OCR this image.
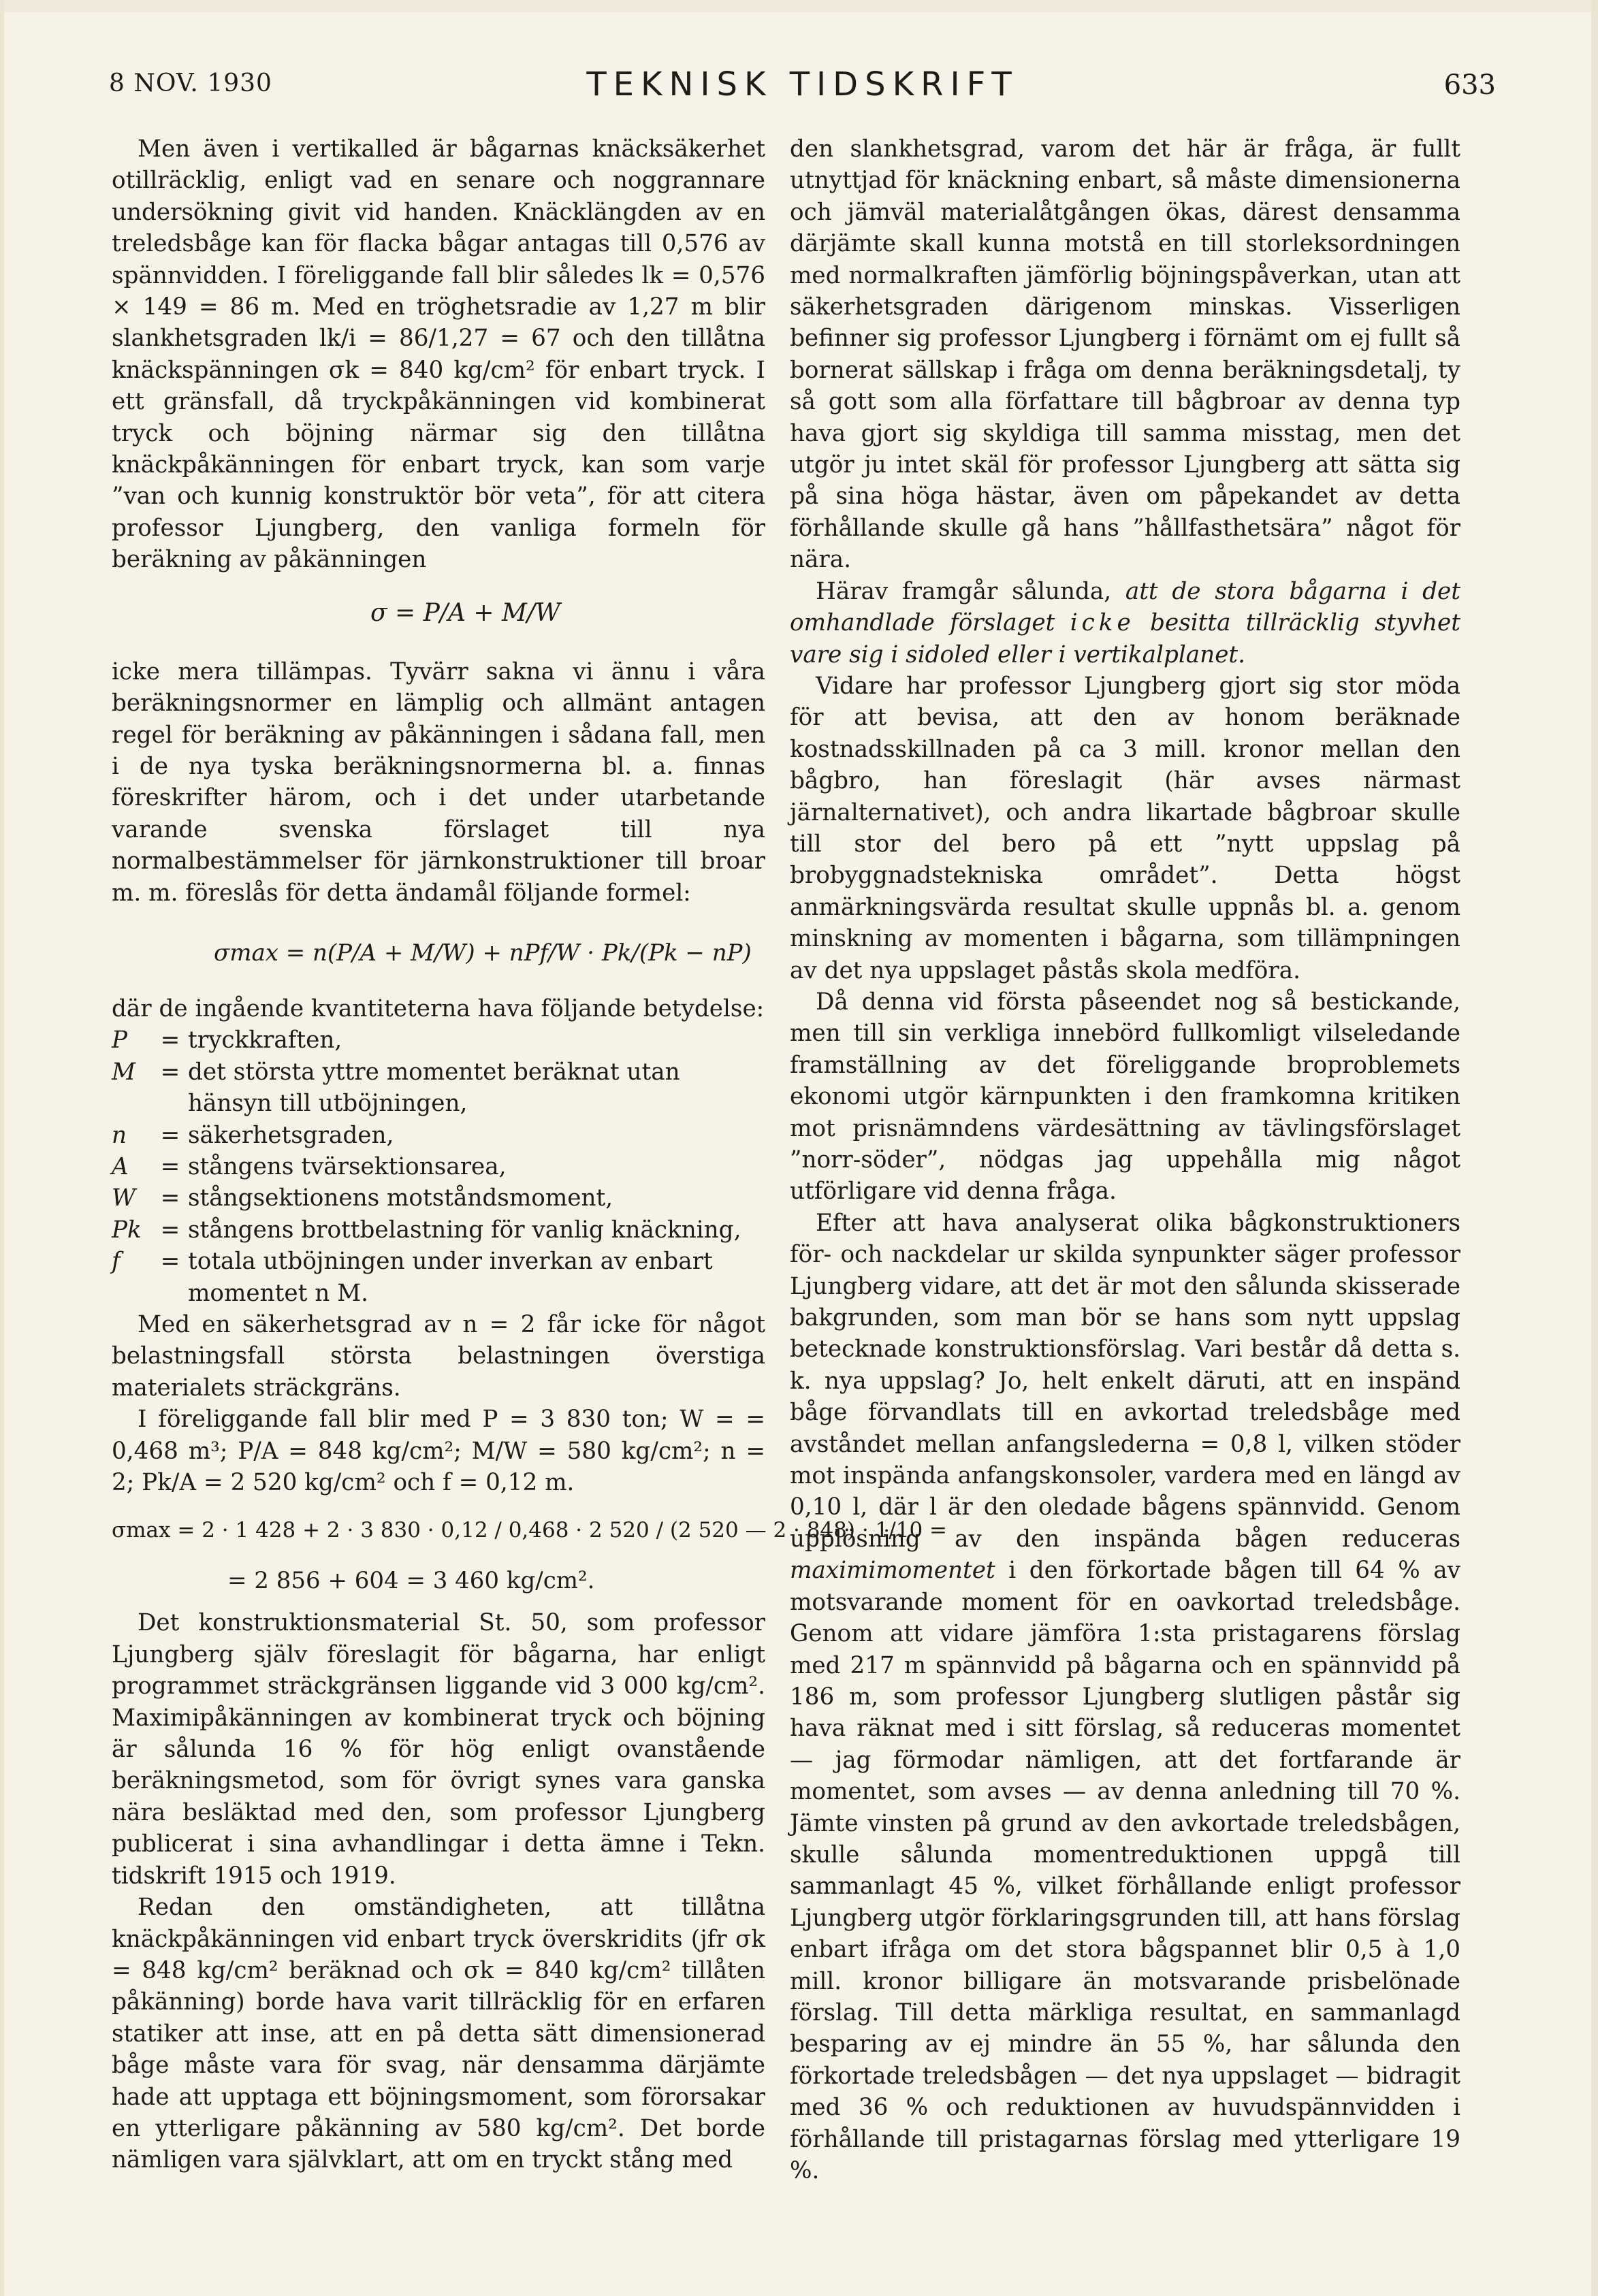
8 NOV. 1930	TEKNISK TIDSKRIFT	633

Men även i vertikalled är bågarnas knäcksäkerhet otillräcklig, enligt vad en senare och noggrannare undersökning givit vid handen. Knäcklängden av en treledsbåge kan för flacka bågar antagas till 0,576 av spännvidden. I föreliggande fall blir således lk = 0,576 × 149 = 86 m. Med en tröghetsradie av 1,27 m blir slankhetsgraden lk/i = 86/1,27 = 67 och den tillåtna knäckspänningen σk = 840 kg/cm² för enbart tryck. I ett gränsfall, då tryckpåkänningen vid kombinerat tryck och böjning närmar sig den tillåtna knäckpåkänningen för enbart tryck, kan som varje ”van och kunnig konstruktör bör veta”, för att citera professor Ljungberg, den vanliga formeln för beräkning av påkänningen

σ = P/A + M/W

icke mera tillämpas. Tyvärr sakna vi ännu i våra beräkningsnormer en lämplig och allmänt antagen regel för beräkning av påkänningen i sådana fall, men i de nya tyska beräkningsnormerna bl. a. finnas föreskrifter härom, och i det under utarbetande varande svenska förslaget till nya normalbestämmelser för järnkonstruktioner till broar m. m. föreslås för detta ändamål följande formel:

σmax = n(P/A + M/W) + nPf/W · Pk/(Pk − nP)

där de ingående kvantiteterna hava följande betydelse:

P	= tryckkraften,
M	= det största yttre momentet beräknat utan hänsyn till utböjningen,
n	= säkerhetsgraden,
A	= stångens tvärsektionsarea,
W	= stångsektionens motståndsmoment,
Pk = stångens brottbelastning för vanlig knäckning,
f	= totala utböjningen under inverkan av enbart momentet n M.

Med en säkerhetsgrad av n = 2 får icke för något belastningsfall största belastningen överstiga materialets sträckgräns.

I föreliggande fall blir med P = 3 830 ton; W = = 0,468 m³; P/A = 848 kg/cm²; M/W = 580 kg/cm²; n = 2; Pk/A = 2 520 kg/cm² och f = 0,12 m.

σmax = 2 · 1 428 + 2 · 3 830 · 0,12 / 0,468 · 2 520 / (2 520 — 2 · 848) · 1/10 =
= 2 856 + 604 = 3 460 kg/cm².

Det konstruktionsmaterial St. 50, som professor Ljungberg själv föreslagit för bågarna, har enligt programmet sträckgränsen liggande vid 3 000 kg/cm². Maximipåkänningen av kombinerat tryck och böjning är sålunda 16 % för hög enligt ovanstående beräkningsmetod, som för övrigt synes vara ganska nära besläktad med den, som professor Ljungberg publicerat i sina avhandlingar i detta ämne i Tekn. tidskrift 1915 och 1919.

Redan den omständigheten, att tillåtna knäckpåkänningen vid enbart tryck överskridits (jfr σk = 848 kg/cm² beräknad och σk = 840 kg/cm² tillåten påkänning) borde hava varit tillräcklig för en erfaren statiker att inse, att en på detta sätt dimensionerad båge måste vara för svag, när densamma därjämte hade att upptaga ett böjningsmoment, som förorsakar en ytterligare påkänning av 580 kg/cm². Det borde nämligen vara självklart, att om en tryckt stång med

den slankhetsgrad, varom det här är fråga, är fullt utnyttjad för knäckning enbart, så måste dimensionerna och jämväl materialåtgången ökas, därest densamma därjämte skall kunna motstå en till storleksordningen med normalkraften jämförlig böjningspåverkan, utan att säkerhetsgraden därigenom minskas. Visserligen befinner sig professor Ljungberg i förnämt om ej fullt så bornerat sällskap i fråga om denna beräkningsdetalj, ty så gott som alla författare till bågbroar av denna typ hava gjort sig skyldiga till samma misstag, men det utgör ju intet skäl för professor Ljungberg att sätta sig på sina höga hästar, även om påpekandet av detta förhållande skulle gå hans ”hållfasthetsära” något för nära.

Härav framgår sålunda, att de stora bågarna i det omhandlade förslaget icke besitta tillräcklig styvhet vare sig i sidoled eller i vertikalplanet.

Vidare har professor Ljungberg gjort sig stor möda för att bevisa, att den av honom beräknade kostnadsskillnaden på ca 3 mill. kronor mellan den bågbro, han föreslagit (här avses närmast järnalternativet), och andra likartade bågbroar skulle till stor del bero på ett ”nytt uppslag på brobyggnadstekniska området”. Detta högst anmärkningsvärda resultat skulle uppnås bl. a. genom minskning av momenten i bågarna, som tillämpningen av det nya uppslaget påstås skola medföra.

Då denna vid första påseendet nog så bestickande, men till sin verkliga innebörd fullkomligt vilseledande framställning av det föreliggande broproblemets ekonomi utgör kärnpunkten i den framkomna kritiken mot prisnämndens värdesättning av tävlingsförslaget ”norr-söder”, nödgas jag uppehålla mig något utförligare vid denna fråga.

Efter att hava analyserat olika bågkonstruktioners för- och nackdelar ur skilda synpunkter säger professor Ljungberg vidare, att det är mot den sålunda skisserade bakgrunden, som man bör se hans som nytt uppslag betecknade konstruktionsförslag. Vari består då detta s. k. nya uppslag? Jo, helt enkelt däruti, att en inspänd båge förvandlats till en avkortad treledsbåge med avståndet mellan anfangslederna = 0,8 l, vilken stöder mot inspända anfangskonsoler, vardera med en längd av 0,10 l, där l är den oledade bågens spännvidd. Genom upplösning av den inspända bågen reduceras maximimomentet i den förkortade bågen till 64 % av motsvarande moment för en oavkortad treledsbåge. Genom att vidare jämföra 1:sta pristagarens förslag med 217 m spännvidd på bågarna och en spännvidd på 186 m, som professor Ljungberg slutligen påstår sig hava räknat med i sitt förslag, så reduceras momentet — jag förmodar nämligen, att det fortfarande är momentet, som avses — av denna anledning till 70 %. Jämte vinsten på grund av den avkortade treledsbågen, skulle sålunda momentreduktionen uppgå till sammanlagt 45 %, vilket förhållande enligt professor Ljungberg utgör förklaringsgrunden till, att hans förslag enbart ifråga om det stora bågspannet blir 0,5 à 1,0 mill. kronor billigare än motsvarande prisbelönade förslag. Till detta märkliga resultat, en sammanlagd besparing av ej mindre än 55 %, har sålunda den förkortade treledsbågen — det nya uppslaget — bidragit med 36 % och reduktionen av huvudspännvidden i förhållande till pristagarnas förslag med ytterligare 19 %.
